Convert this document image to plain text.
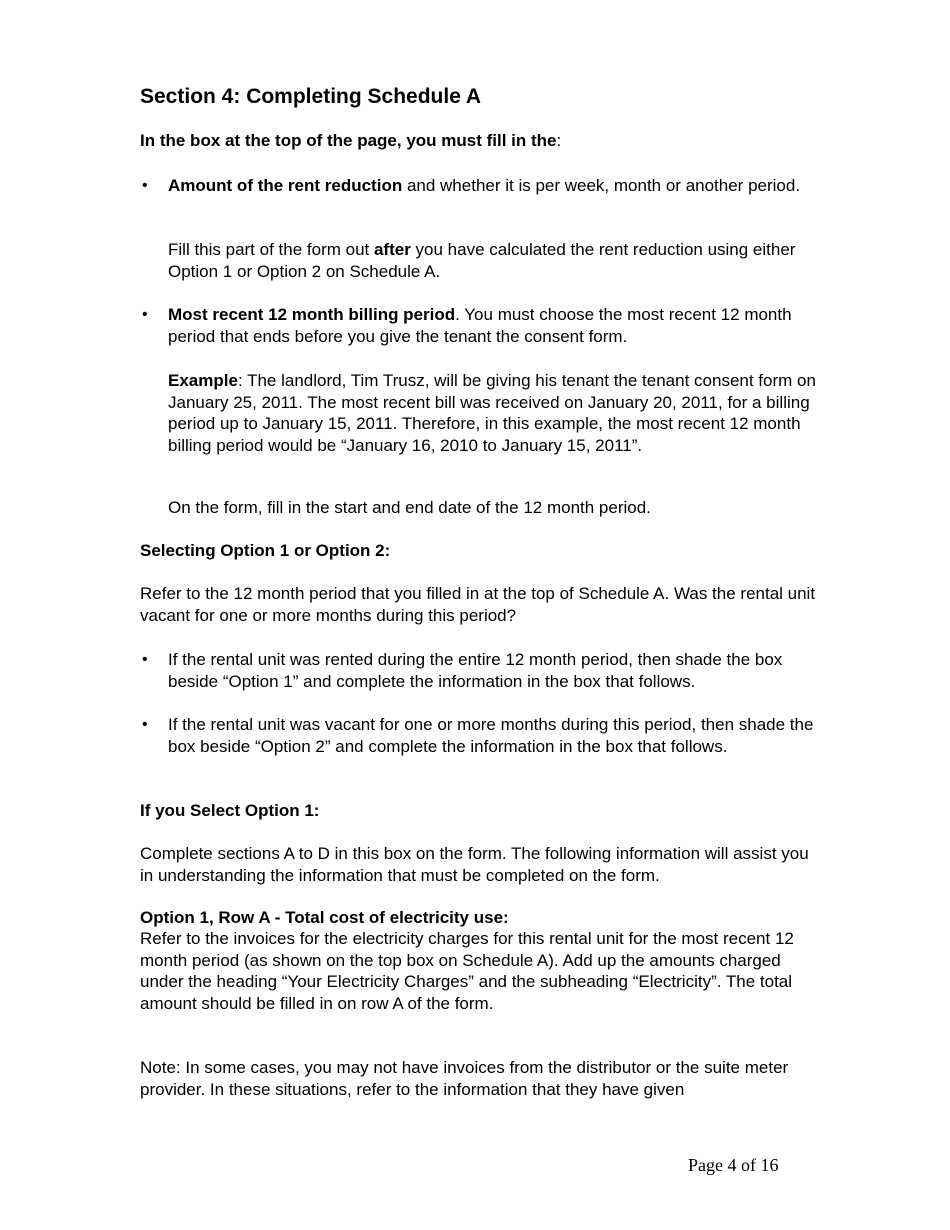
Section 4: Completing Schedule A

In the box at the top of the page, you must fill in the:

• Amount of the rent reduction and whether it is per week, month or another period.

Fill this part of the form out after you have calculated the rent reduction using either Option 1 or Option 2 on Schedule A.

• Most recent 12 month billing period. You must choose the most recent 12 month period that ends before you give the tenant the consent form.

Example: The landlord, Tim Trusz, will be giving his tenant the tenant consent form on January 25, 2011. The most recent bill was received on January 20, 2011, for a billing period up to January 15, 2011. Therefore, in this example, the most recent 12 month billing period would be “January 16, 2010 to January 15, 2011”.

On the form, fill in the start and end date of the 12 month period.

Selecting Option 1 or Option 2:

Refer to the 12 month period that you filled in at the top of Schedule A. Was the rental unit vacant for one or more months during this period?

• If the rental unit was rented during the entire 12 month period, then shade the box beside “Option 1” and complete the information in the box that follows.

• If the rental unit was vacant for one or more months during this period, then shade the box beside “Option 2” and complete the information in the box that follows.

If you Select Option 1:

Complete sections A to D in this box on the form. The following information will assist you in understanding the information that must be completed on the form.

Option 1, Row A - Total cost of electricity use:

Refer to the invoices for the electricity charges for this rental unit for the most recent 12 month period (as shown on the top box on Schedule A). Add up the amounts charged under the heading “Your Electricity Charges” and the subheading “Electricity”. The total amount should be filled in on row A of the form.

Note: In some cases, you may not have invoices from the distributor or the suite meter provider. In these situations, refer to the information that they have given

Page 4 of 16
